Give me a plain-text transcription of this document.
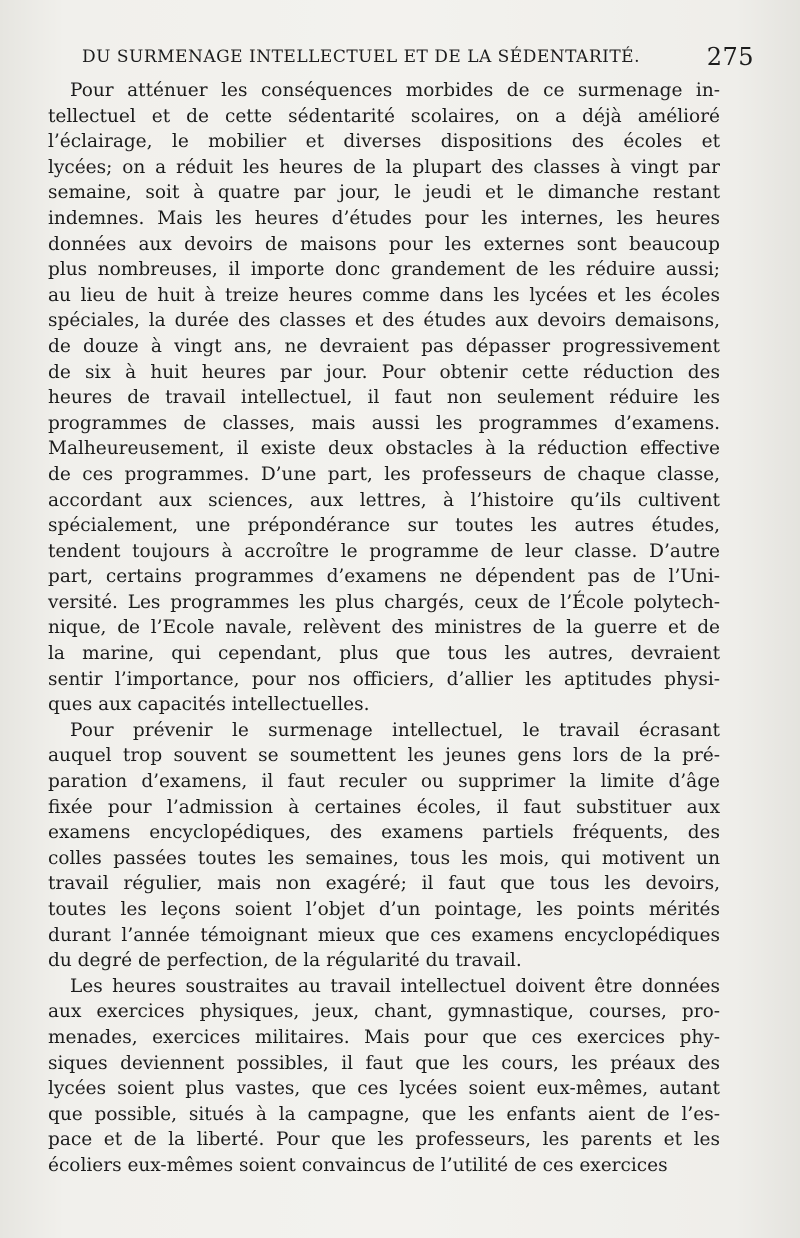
DU SURMENAGE INTELLECTUEL ET DE LA SÉDENTARITÉ.	275
Pour atténuer les conséquences morbides de ce surmenage in-
tellectuel et de cette sédentarité scolaires, on a déjà amélioré
l’éclairage, le mobilier et diverses dispositions des écoles et
lycées; on a réduit les heures de la plupart des classes à vingt par
semaine, soit à quatre par jour, le jeudi et le dimanche restant
indemnes. Mais les heures d’études pour les internes, les heures
données aux devoirs de maisons pour les externes sont beaucoup
plus nombreuses, il importe donc grandement de les réduire aussi;
au lieu de huit à treize heures comme dans les lycées et les écoles
spéciales, la durée des classes et des études aux devoirs demaisons,
de douze à vingt ans, ne devraient pas dépasser progressivement
de six à huit heures par jour. Pour obtenir cette réduction des
heures de travail intellectuel, il faut non seulement réduire les
programmes de classes, mais aussi les programmes d’examens.
Malheureusement, il existe deux obstacles à la réduction effective
de ces programmes. D’une part, les professeurs de chaque classe,
accordant aux sciences, aux lettres, à l’histoire qu’ils cultivent
spécialement, une prépondérance sur toutes les autres études,
tendent toujours à accroître le programme de leur classe. D’autre
part, certains programmes d’examens ne dépendent pas de l’Uni-
versité. Les programmes les plus chargés, ceux de l’École polytech-
nique, de l’Ecole navale, relèvent des ministres de la guerre et de
la marine, qui cependant, plus que tous les autres, devraient
sentir l’importance, pour nos officiers, d’allier les aptitudes physi-
ques aux capacités intellectuelles.
Pour prévenir le surmenage intellectuel, le travail écrasant
auquel trop souvent se soumettent les jeunes gens lors de la pré-
paration d’examens, il faut reculer ou supprimer la limite d’âge
fixée pour l’admission à certaines écoles, il faut substituer aux
examens encyclopédiques, des examens partiels fréquents, des
colles passées toutes les semaines, tous les mois, qui motivent un
travail régulier, mais non exagéré; il faut que tous les devoirs,
toutes les leçons soient l’objet d’un pointage, les points mérités
durant l’année témoignant mieux que ces examens encyclopédiques
du degré de perfection, de la régularité du travail.
Les heures soustraites au travail intellectuel doivent être données
aux exercices physiques, jeux, chant, gymnastique, courses, pro-
menades, exercices militaires. Mais pour que ces exercices phy-
siques deviennent possibles, il faut que les cours, les préaux des
lycées soient plus vastes, que ces lycées soient eux-mêmes, autant
que possible, situés à la campagne, que les enfants aient de l’es-
pace et de la liberté. Pour que les professeurs, les parents et les
écoliers eux-mêmes soient convaincus de l’utilité de ces exercices
